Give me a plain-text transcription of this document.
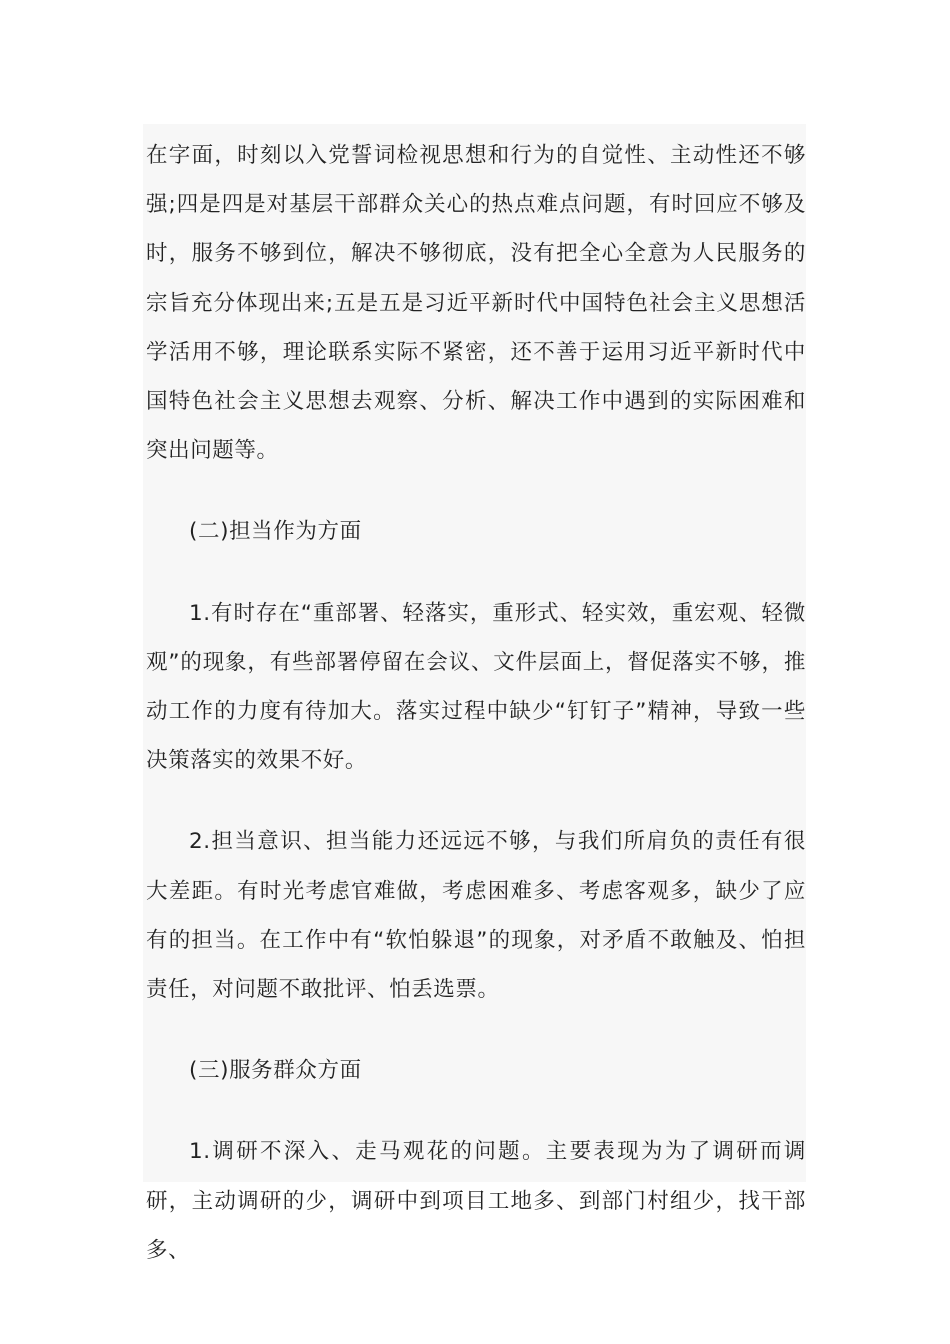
在字面，时刻以入党誓词检视思想和行为的自觉性、主动性还不够强;四是四是对基层干部群众关心的热点难点问题，有时回应不够及时，服务不够到位，解决不够彻底，没有把全心全意为人民服务的宗旨充分体现出来;五是五是习近平新时代中国特色社会主义思想活学活用不够，理论联系实际不紧密，还不善于运用习近平新时代中国特色社会主义思想去观察、分析、解决工作中遇到的实际困难和突出问题等。

(二)担当作为方面

1.有时存在“重部署、轻落实，重形式、轻实效，重宏观、轻微观”的现象，有些部署停留在会议、文件层面上，督促落实不够，推动工作的力度有待加大。落实过程中缺少“钉钉子”精神，导致一些决策落实的效果不好。

2.担当意识、担当能力还远远不够，与我们所肩负的责任有很大差距。有时光考虑官难做，考虑困难多、考虑客观多，缺少了应有的担当。在工作中有“软怕躲退”的现象，对矛盾不敢触及、怕担责任，对问题不敢批评、怕丢选票。

(三)服务群众方面

1.调研不深入、走马观花的问题。主要表现为为了调研而调研，主动调研的少，调研中到项目工地多、到部门村组少，找干部多、
